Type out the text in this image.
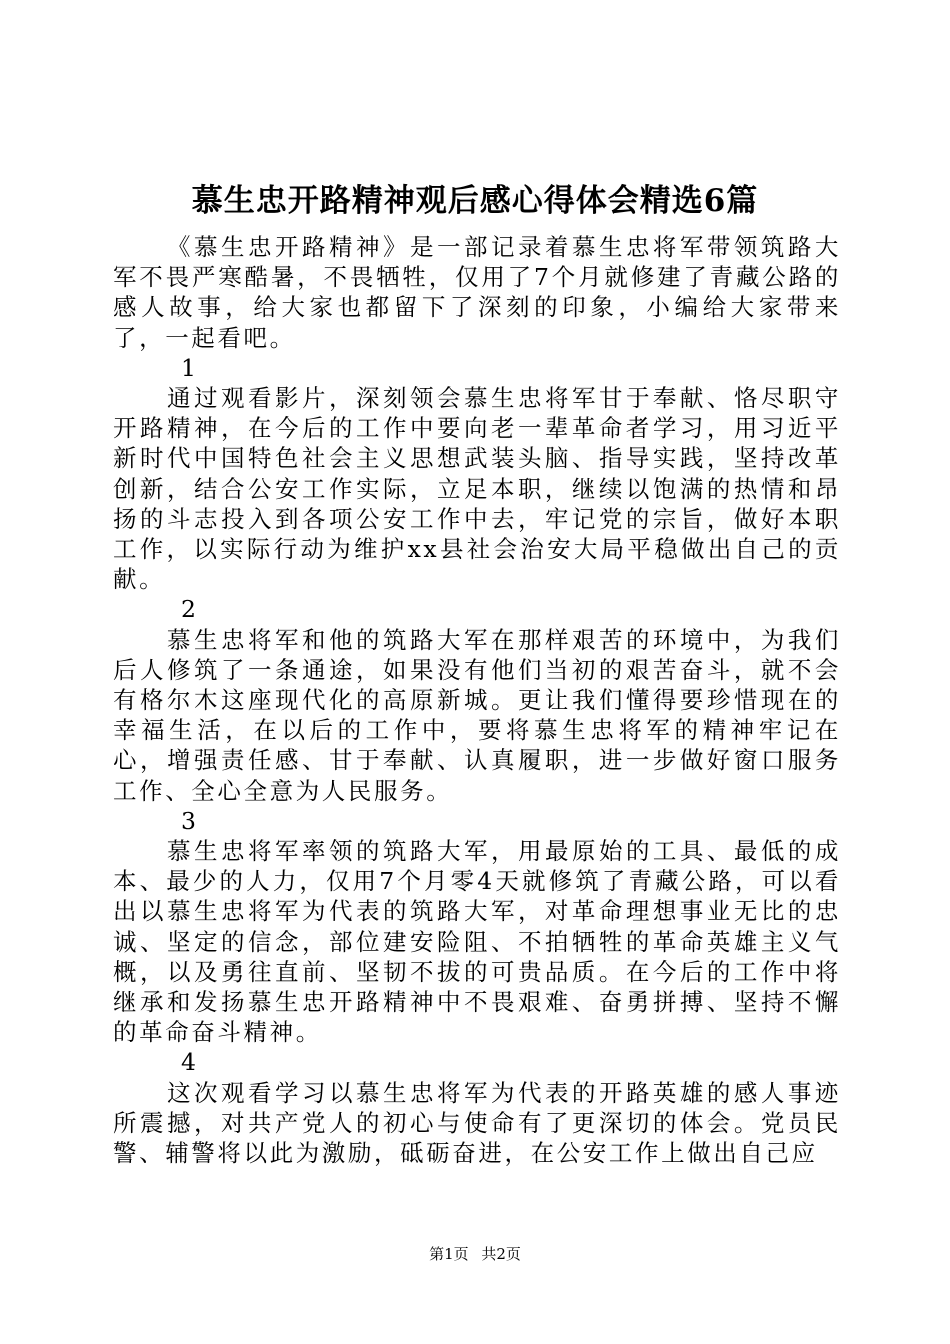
慕生忠开路精神观后感心得体会精选6篇

《慕生忠开路精神》是一部记录着慕生忠将军带领筑路大军不畏严寒酷暑，不畏牺牲，仅用了7个月就修建了青藏公路的感人故事，给大家也都留下了深刻的印象，小编给大家带来了，一起看吧。

1

通过观看影片，深刻领会慕生忠将军甘于奉献、恪尽职守开路精神，在今后的工作中要向老一辈革命者学习，用习近平新时代中国特色社会主义思想武装头脑、指导实践，坚持改革创新，结合公安工作实际，立足本职，继续以饱满的热情和昂扬的斗志投入到各项公安工作中去，牢记党的宗旨，做好本职工作，以实际行动为维护xx县社会治安大局平稳做出自己的贡献。

2

慕生忠将军和他的筑路大军在那样艰苦的环境中，为我们后人修筑了一条通途，如果没有他们当初的艰苦奋斗，就不会有格尔木这座现代化的高原新城。更让我们懂得要珍惜现在的幸福生活，在以后的工作中，要将慕生忠将军的精神牢记在心，增强责任感、甘于奉献、认真履职，进一步做好窗口服务工作、全心全意为人民服务。

3

慕生忠将军率领的筑路大军，用最原始的工具、最低的成本、最少的人力，仅用7个月零4天就修筑了青藏公路，可以看出以慕生忠将军为代表的筑路大军，对革命理想事业无比的忠诚、坚定的信念，部位建安险阻、不拍牺牲的革命英雄主义气概，以及勇往直前、坚韧不拔的可贵品质。在今后的工作中将继承和发扬慕生忠开路精神中不畏艰难、奋勇拼搏、坚持不懈的革命奋斗精神。

4

这次观看学习以慕生忠将军为代表的开路英雄的感人事迹所震撼，对共产党人的初心与使命有了更深切的体会。党员民警、辅警将以此为激励，砥砺奋进，在公安工作上做出自己应

第1页 共2页
